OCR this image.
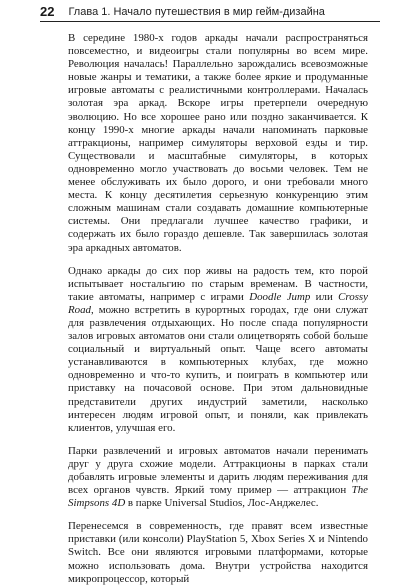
22 Глава 1. Начало путешествия в мир гейм-дизайна

В середине 1980-х годов аркады начали распространяться повсеместно, и видеоигры стали популярны во всем мире. Революция началась! Параллельно зарождались всевозможные новые жанры и тематики, а также более яркие и продуманные игровые автоматы с реалистичными контроллерами. Началась золотая эра аркад. Вскоре игры претерпели очередную эволюцию. Но все хорошее рано или поздно заканчивается. К концу 1990-х многие аркады начали напоминать парковые аттракционы, например симуляторы верховой езды и тир. Существовали и масштабные симуляторы, в которых одновременно могло участвовать до восьми человек. Тем не менее обслуживать их было дорого, и они требовали много места. К концу десятилетия серьезную конкуренцию этим сложным машинам стали создавать домашние компьютерные системы. Они предлагали лучшее качество графики, и содержать их было гораздо дешевле. Так завершилась золотая эра аркадных автоматов.

Однако аркады до сих пор живы на радость тем, кто порой испытывает ностальгию по старым временам. В частности, такие автоматы, например с играми Doodle Jump или Crossy Road, можно встретить в курортных городах, где они служат для развлечения отдыхающих. Но после спада популярности залов игровых автоматов они стали олицетворять собой больше социальный и виртуальный опыт. Чаще всего автоматы устанавливаются в компьютерных клубах, где можно одновременно и что-то купить, и поиграть в компьютер или приставку на почасовой основе. При этом дальновидные представители других индустрий заметили, насколько интересен людям игровой опыт, и поняли, как привлекать клиентов, улучшая его.

Парки развлечений и игровых автоматов начали перенимать друг у друга схожие модели. Аттракционы в парках стали добавлять игровые элементы и дарить людям переживания для всех органов чувств. Яркий тому пример — аттракцион The Simpsons 4D в парке Universal Studios, Лос-Анджелес.

Перенесемся в современность, где правят всем известные приставки (или консоли) PlayStation 5, Xbox Series X и Nintendo Switch. Все они являются игровыми платформами, которые можно использовать дома. Внутри устройства находится микропроцессор, который
